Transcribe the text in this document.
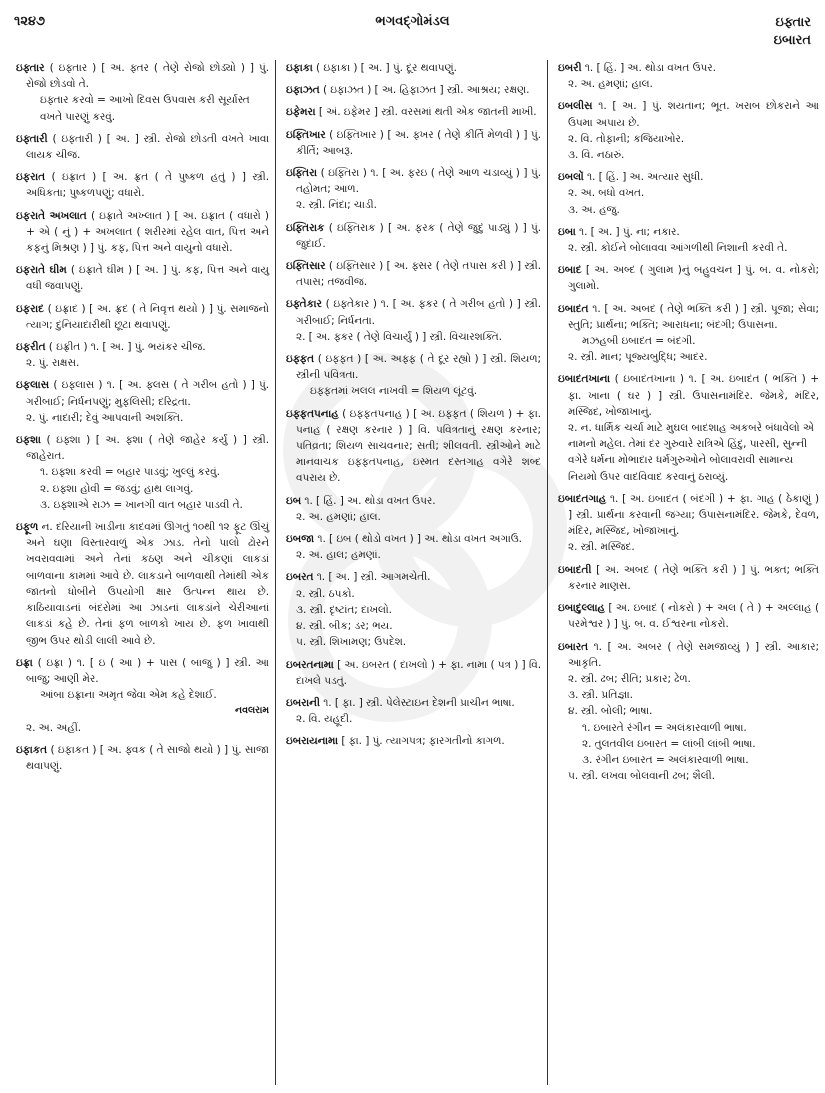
૧૨૪૭	ભગવદ્ગોમંડલ	ઇફ્તાર
ઇબારત
ઇફ્તાર ( ઇફ્તાર ) [ અ. ફ્તર ( તેણે રોજો છોડ્યો ) ] પું. રોજો છોડવો તે.
ઇફ્તાર કરવો = આખો દિવસ ઉપવાસ કરી સૂર્યાસ્ત વખતે પારણું કરવું.
ઇફ્તારી ( ઇફ્તારી ) [ અ. ] સ્ત્રી. રોજો છોડતી વખતે ખાવા લાયક ચીજ.
ઇફરાત ( ઇફ્રાત ) [ અ. ફ્રત ( તે પુષ્કળ હતું ) ] સ્ત્રી. અધિકતા; પુષ્કળપણું; વધારો.
ઇફરાતે અખલાત ( ઇફ્રાતે અખ્લાત ) [ અ. ઇફ્રાત ( વધારો ) + એ ( નું ) + અખલાત ( શરીરમાં રહેલ વાત, પિત્ત અને કફનું મિશ્રણ ) ] પું. કફ, પિત્ત અને વાયુનો વધારો.
ઇફરાતે ઘીમ ( ઇફ્રાતે ઘીમ ) [ અ. ] પું. કફ, પિત્ત અને વાયુ વધી જવાપણું.
ઇફરાદ ( ઇફ્રાદ ) [ અ. ફ્રદ ( તે નિવૃત્ત થયો ) ] પું. સમાજનો ત્યાગ; દુનિયાદારીથી છૂટા થવાપણું.
ઇફરીત ( ઇફ્રીત ) ૧. [ અ. ] પું. ભયંકર ચીજ.
૨. પું. રાક્ષસ.
ઇફલાસ ( ઇફ્લાસ ) ૧. [ અ. ફ્લસ ( તે ગરીબ હતો ) ] પું. ગરીબાઈ; નિર્ધનપણું; મુફલિસી; દરિદ્રતા.
૨. પું. નાદારી; દેવું આપવાની અશક્તિ.
ઇફશા ( ઇફ્શા ) [ અ. ફ્શા ( તેણે જાહેર કર્યું ) ] સ્ત્રી. જાહેરાત.
૧. ઇફ્શા કરવી = બહાર પાડવું; ખુલ્લું કરવું.
૨. ઇફ્શા હોવી = જડવું; હાથ લાગવું.
૩. ઇફ્શાએ રાઝ = ખાનગી વાત બહાર પાડવી તે.
ઇફૂળ ન. દરિયાની ખાડીના કાદવમાં ઊગતું ૧૦થી ૧૨ ફૂટ ઊંચું અને ઘણા વિસ્તારવાળું એક ઝાડ. તેનો પાલો ઢોરને ખવરાવવામાં અને તેનાં કઠણ અને ચીકણાં લાકડાં બાળવાના કામમાં આવે છે. લાકડાને બાળવાથી તેમાંથી એક જાતનો ધોબીને ઉપયોગી ક્ષાર ઉત્પન્ન થાય છે. કાઠિયાવાડનાં બંદરોમાં આ ઝાડનાં લાકડાંને ચેરીઆનાં લાકડાં કહે છે. તેનાં ફળ બાળકો ખાય છે. ફળ ખાવાથી જીભ ઉપર થોડી લાલી આવે છે.
ઇફ્રા ( ઇફ્રા ) ૧. [ ઇ ( આ ) + પાસ ( બાજુ ) ] સ્ત્રી. આ બાજુ; આણી મેર.
આંબા ઇફ્રાના અમૃત જેવા એમ કહે દેશાઈ.
નવલરામ
૨. અ. અહીં.
ઇફાકત ( ઇફાકત ) [ અ. ફ્વક ( તે સાજો થયો ) ] પું. સાજા થવાપણું.
ઇફાકા ( ઇફાકા ) [ અ. ] પું. દૂર થવાપણું.
ઇફાઝત ( ઇફાઝત ) [ અ. હિફાઝત ] સ્ત્રી. આશ્રય; રક્ષણ.
ઇફેમરા [ અં. ઇફેમર ] સ્ત્રી. વરસમાં થતી એક જાતની માખી.
ઇફ્તિખાર ( ઇફ્તિખાર ) [ અ. ફ્ખર ( તેણે કીર્તિ મેળવી ) ] પું. કીર્તિ; આબરૂ.
ઇફ્તિરા ( ઇફ્તિરા ) ૧. [ અ. ફરઇ ( તેણે આળ ચડાવ્યું ) ] પું. તહોમત; આળ.
૨. સ્ત્રી. નિંદા; ચાડી.
ઇફ્તિરાક ( ઇફ્તિરાક ) [ અ. ફરક ( તેણે જુદું પાડ્યું ) ] પું. જુદાઈ.
ઇફ્તિસાર ( ઇફ્તિસાર ) [ અ. ફ્સર ( તેણે તપાસ કરી ) ] સ્ત્રી. તપાસ; તજવીજ.
ઇફ્તેકાર ( ઇફ્તેકાર ) ૧. [ અ. ફ્કર ( તે ગરીબ હતો ) ] સ્ત્રી. ગરીબાઈ; નિર્ધનતા.
૨. [ અ. ફ્કર ( તેણે વિચાર્યું ) ] સ્ત્રી. વિચારશક્તિ.
ઇફ્ફત ( ઇફ્ફત ) [ અ. અફ્ફ ( તે દૂર રહ્યો ) ] સ્ત્રી. શિયળ; સ્ત્રીની પવિત્રતા.
ઇફ્ફતમાં ખલલ નાખવી = શિયળ લૂંટવું.
ઇફ્ફતપનાહ ( ઇફ્ફતપનાહ ) [ અ. ઇફ્ફત ( શિયળ ) + ફા. પનાહ ( રક્ષણ કરનાર ) ] વિ. પવિત્રતાનું રક્ષણ કરનાર; પતિવ્રતા; શિયળ સાચવનાર; સતી; શીલવતી. સ્ત્રીઓને માટે માનવાચક ઇફ્ફતપનાહ, ઇસ્મત દસ્તગાહ વગેરે શબ્દ વપરાય છે.
ઇબ ૧. [ હિં. ] અ. થોડા વખત ઉપર.
૨. અ. હમણાં; હાલ.
ઇબજા ૧. [ ઇબ ( થોડો વખત ) ] અ. થોડા વખત અગાઉ.
૨. અ. હાલ; હમણાં.
ઇબરત ૧. [ અ. ] સ્ત્રી. આગમચેતી.
૨. સ્ત્રી. ઠપકો.
૩. સ્ત્રી. દૃષ્ટાંત; દાખલો.
૪. સ્ત્રી. બીક; ડર; ભય.
૫. સ્ત્રી. શિખામણ; ઉપદેશ.
ઇબરતનામા [ અ. ઇબરત ( દાખલો ) + ફા. નામા ( પત્ર ) ] વિ. દાખલે પડતું.
ઇબરાની ૧. [ ફા. ] સ્ત્રી. પેલેસ્ટાઇન દેશની પ્રાચીન ભાષા.
૨. વિ. યહૂદી.
ઇબરાયનામા [ ફા. ] પું. ત્યાગપત્ર; ફારગતીનો કાગળ.
ઇબરી ૧. [ હિં. ] અ. થોડા વખત ઉપર.
૨. અ. હમણાં; હાલ.
ઇબલીસ ૧. [ અ. ] પું. શયતાન; ભૂત. ખરાબ છોકરાને આ ઉપમા અપાય છે.
૨. વિ. તોફાની; કજિયાખોર.
૩. વિ. નઠારું.
ઇબલોં ૧. [ હિં. ] અ. અત્યાર સુધી.
૨. અ. બધો વખત.
૩. અ. હજુ.
ઇબા ૧. [ અ. ] પું. ના; નકાર.
૨. સ્ત્રી. કોઈને બોલાવવા આંગળીથી નિશાની કરવી તે.
ઇબાદ [ અ. અબ્દ ( ગુલામ )નું બહુવચન ] પું. બ. વ. નોકરો; ગુલામો.
ઇબાદત ૧. [ અ. અબદ ( તેણે ભક્તિ કરી ) ] સ્ત્રી. પૂજા; સેવા; સ્તુતિ; પ્રાર્થના; ભક્તિ; આરાધના; બંદગી; ઉપાસના.
મઝહબી ઇબાદત = બંદગી.
૨. સ્ત્રી. માન; પૂજ્યબુદ્ધિ; આદર.
ઇબાદતખાના ( ઇબાદતખાના ) ૧. [ અ. ઇબાદત ( ભક્તિ ) + ફા. ખાના ( ઘર ) ] સ્ત્રી. ઉપાસનામંદિર. જેમકે, મંદિર, મસ્જિદ, ખોજાખાનું.
૨. ન. ધાર્મિક ચર્ચા માટે મુઘલ બાદશાહ અકબરે બંધાવેલો એ નામનો મહેલ. તેમાં દર ગુરુવારે રાત્રિએ હિંદુ, પારસી, સુન્ની વગેરે ધર્મના મોભાદાર ધર્મગુરુઓને બોલાવરાવી સામાન્ય નિયમો ઉપર વાદવિવાદ કરવાનું ઠરાવ્યું.
ઇબાદતગાહ ૧. [ અ. ઇબાદત ( બંદગી ) + ફા. ગાહ ( ઠેકાણું ) ] સ્ત્રી. પ્રાર્થના કરવાની જગ્યા; ઉપાસનામંદિર. જેમકે, દેવળ, મંદિર, મસ્જિદ, ખોજાખાનું.
૨. સ્ત્રી. મસ્જિદ.
ઇબાદતી [ અ. અબદ ( તેણે ભક્તિ કરી ) ] પું. ભક્ત; ભક્તિ કરનાર માણસ.
ઇબાદુલ્લાહ [ અ. ઇબાદ ( નોકરો ) + અલ ( તે ) + અલ્લાહ ( પરમેશ્વર ) ] પું. બ. વ. ઈશ્વરના નોકરો.
ઇબારત ૧. [ અ. અબર ( તેણે સમજાવ્યું ) ] સ્ત્રી. આકાર; આકૃતિ.
૨. સ્ત્રી. ઢબ; રીતિ; પ્રકાર; ઢેળ.
૩. સ્ત્રી. પ્રતિજ્ઞા.
૪. સ્ત્રી. બોલી; ભાષા.
૧. ઇબારતે રંગીન = અલંકારવાળી ભાષા.
૨. તુલતવીલ ઇબારત = લાંબી લાંબી ભાષા.
૩. રંગીન ઇબારત = અલંકારવાળી ભાષા.
૫. સ્ત્રી. લખવા બોલવાની ઢબ; શૈલી.
